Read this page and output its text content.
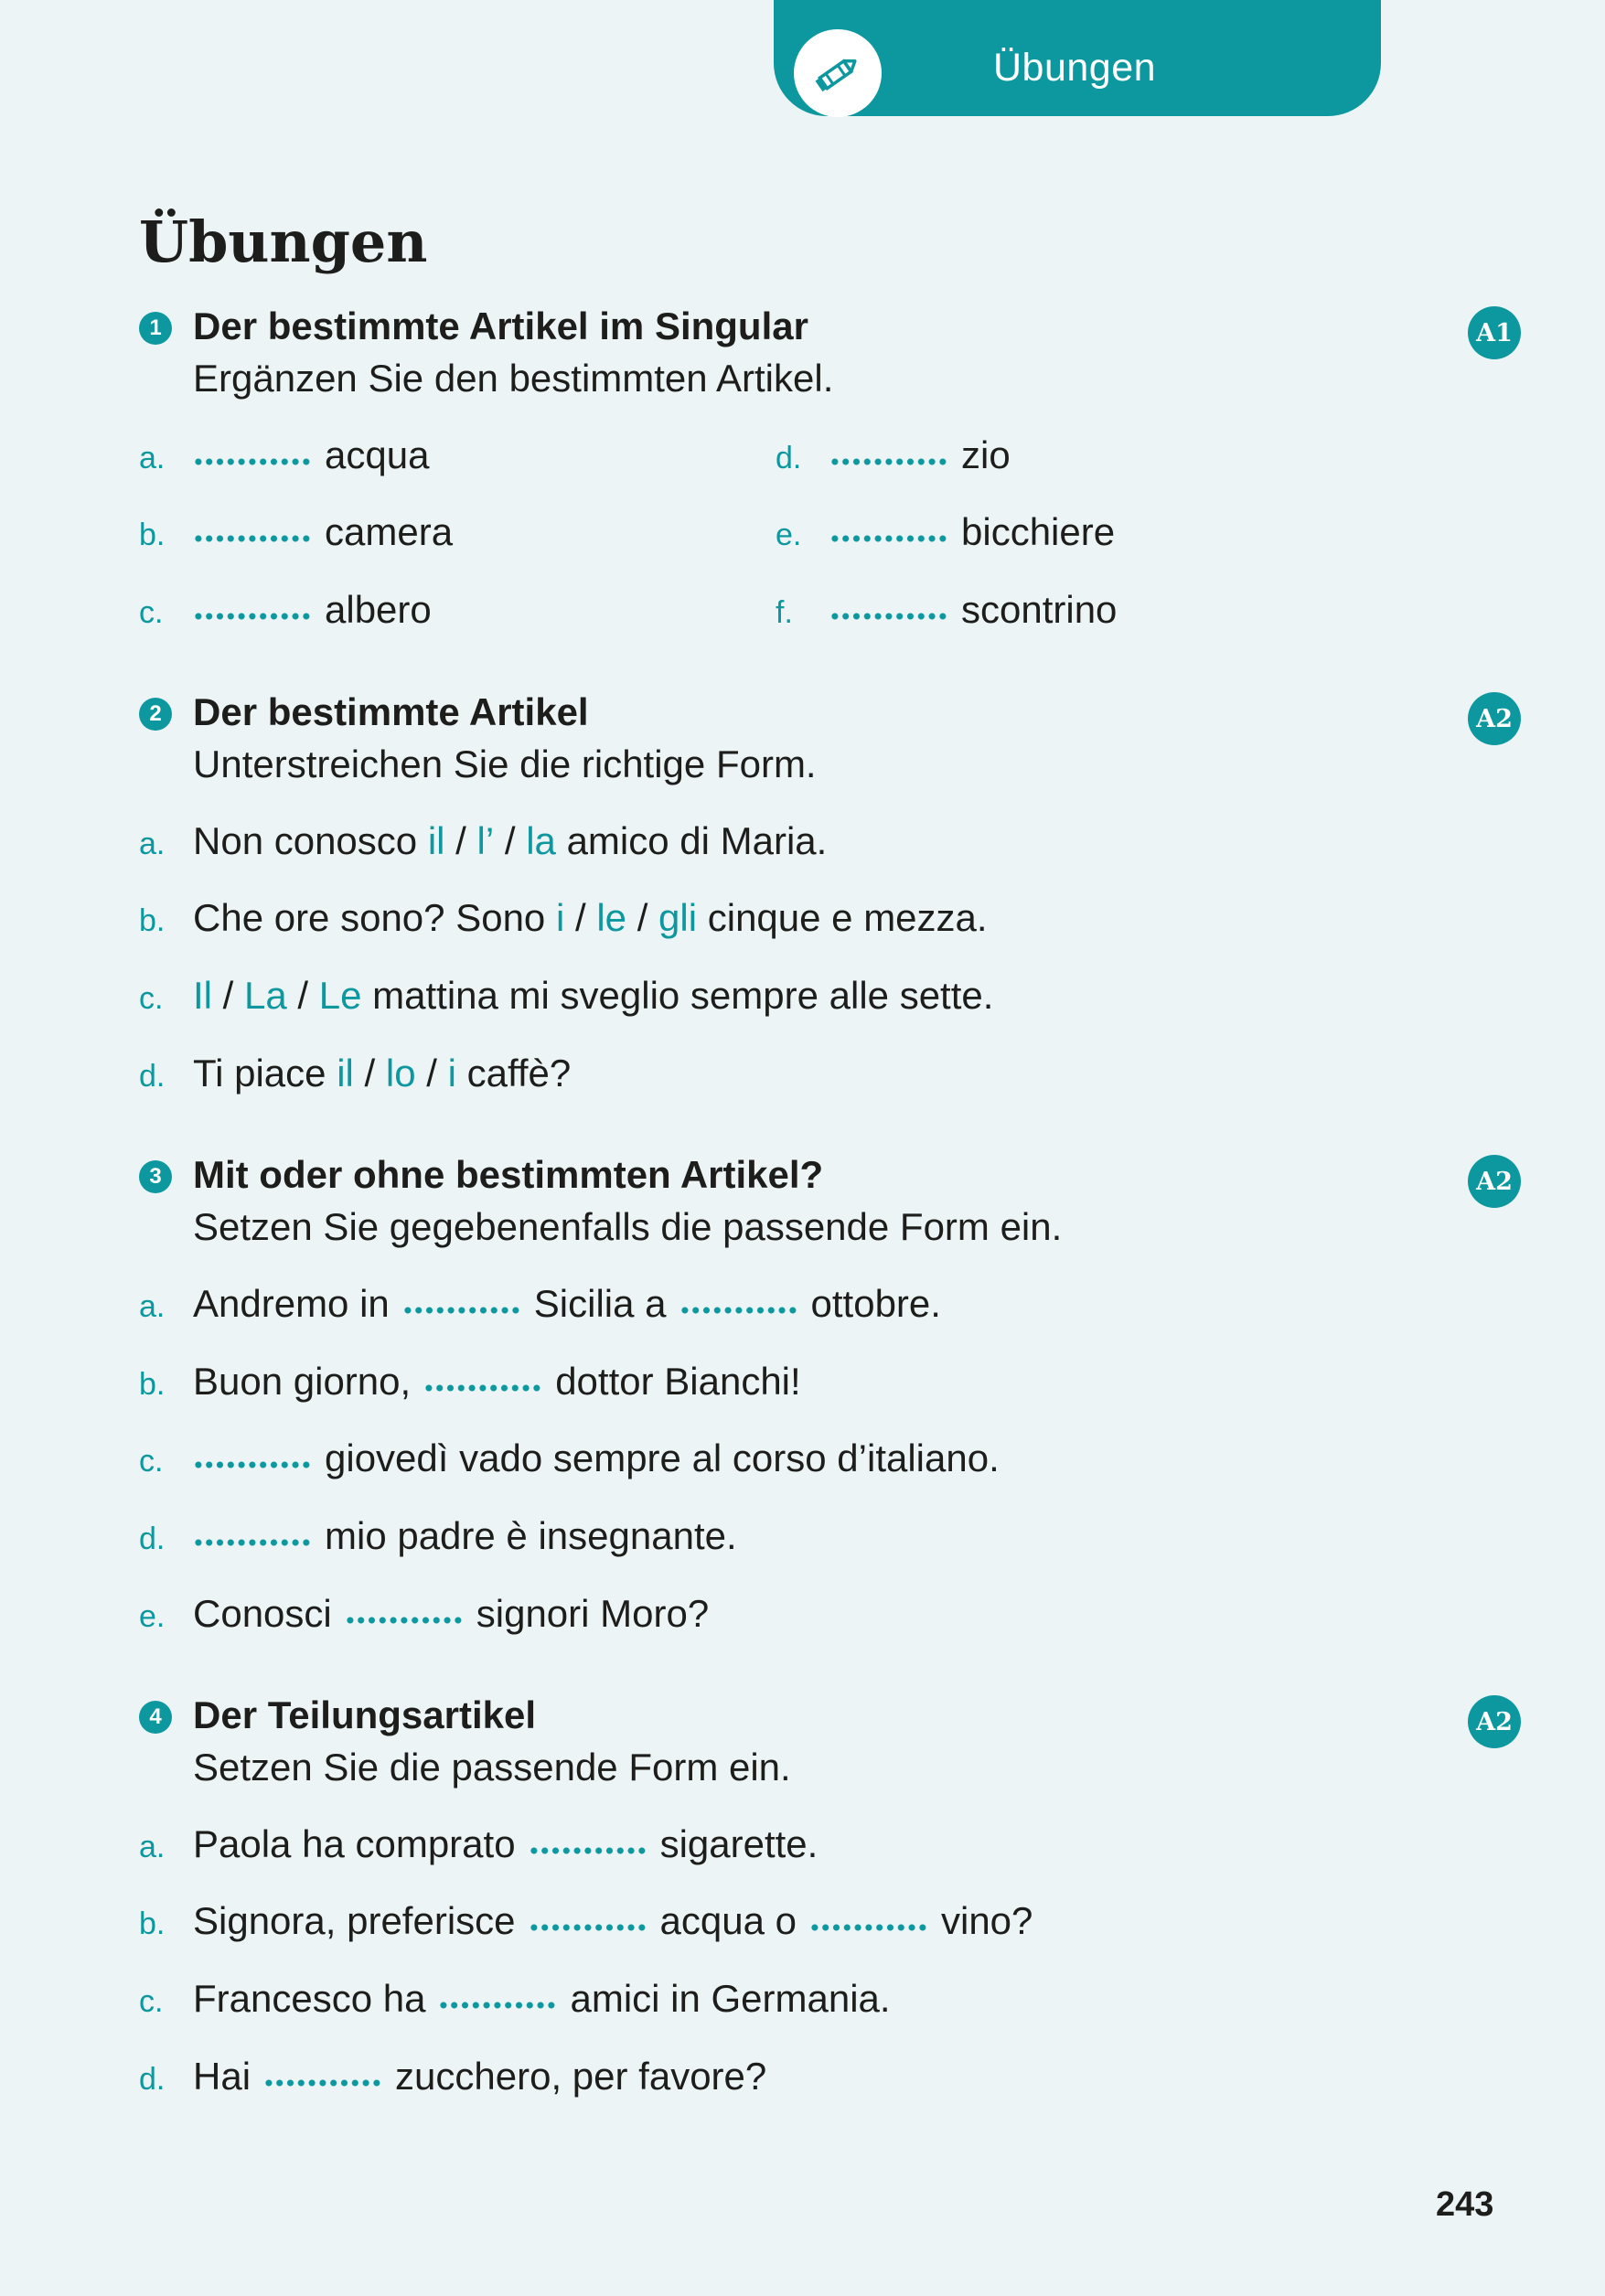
Übungen
Übungen
1 Der bestimmte Artikel im Singular
Ergänzen Sie den bestimmten Artikel.
A1
a.	acqua
b.	camera
c.	albero
d.	zio
e.	bicchiere
f.	scontrino
2 Der bestimmte Artikel
Unterstreichen Sie die richtige Form.
A2
a. Non conosco
il
/
l’
/
la
amico di Maria.
b. Che ore sono? Sono
i
/
le
/
gli
cinque e mezza.
c. Il
/
La
/
Le
mattina mi sveglio sempre alle sette.
d. Ti piace
il
/
lo
/
i
caffè?
3 Mit oder ohne bestimmten Artikel?
Setzen Sie gegebenenfalls die passende Form ein.
A2
a. Andremo in	Sicilia a	ottobre.
b. Buon giorno,	dottor Bianchi!
c.	giovedì vado sempre al corso d’italiano.
d.	mio padre è insegnante.
e. Conosci	signori Moro?
4 Der Teilungsartikel
Setzen Sie die passende Form ein.
A2
a. Paola ha comprato	sigarette.
b. Signora, preferisce	acqua o	vino?
c. Francesco ha	amici in Germania.
d. Hai	zucchero, per favore?
243
